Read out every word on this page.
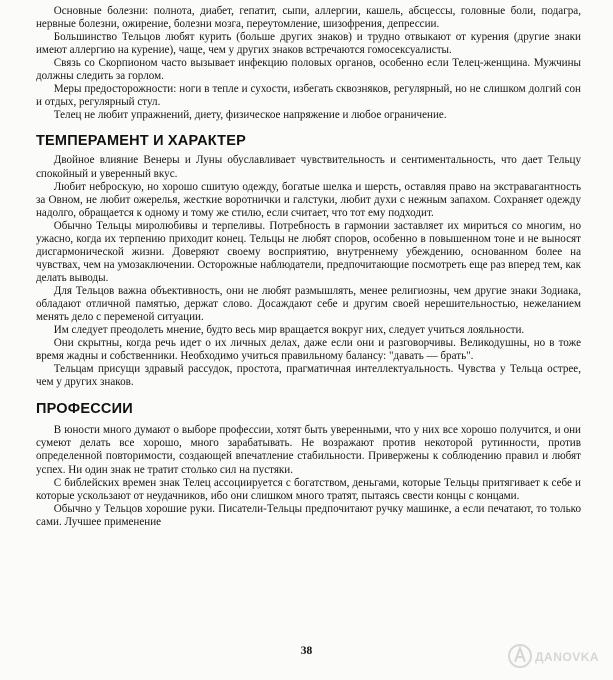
Основные болезни: полнота, диабет, гепатит, сыпи, аллергии, кашель, абсцессы, головные боли, подагра, нервные болезни, ожирение, болезни мозга, переутомление, шизофрения, депрессии.

Большинство Тельцов любят курить (больше других знаков) и трудно отвыкают от курения (другие знаки имеют аллергию на курение), чаще, чем у других знаков встречаются гомосексуалисты.

Связь со Скорпионом часто вызывает инфекцию половых органов, особенно если Телец-женщина. Мужчины должны следить за горлом.

Меры предосторожности: ноги в тепле и сухости, избегать сквозняков, регулярный, но не слишком долгий сон и отдых, регулярный стул.

Телец не любит упражнений, диету, физическое напряжение и любое ограничение.

ТЕМПЕРАМЕНТ И ХАРАКТЕР

Двойное влияние Венеры и Луны обуславливает чувствительность и сентиментальность, что дает Тельцу спокойный и уверенный вкус.

Любит неброскую, но хорошо сшитую одежду, богатые шелка и шерсть, оставляя право на экстравагантность за Овном, не любит ожерелья, жесткие воротнички и галстуки, любит духи с нежным запахом. Сохраняет одежду надолго, обращается к одному и тому же стилю, если считает, что тот ему подходит.

Обычно Тельцы миролюбивы и терпеливы. Потребность в гармонии заставляет их мириться со многим, но ужасно, когда их терпению приходит конец. Тельцы не любят споров, особенно в повышенном тоне и не выносят дисгармонической жизни. Доверяют своему восприятию, внутреннему убеждению, основанном более на чувствах, чем на умозаключении. Осторожные наблюдатели, предпочитающие посмотреть еще раз вперед тем, как делать выводы.

Для Тельцов важна объективность, они не любят размышлять, менее религиозны, чем другие знаки Зодиака, обладают отличной памятью, держат слово. Досаждают себе и другим своей нерешительностью, нежеланием менять дело с переменой ситуации.

Им следует преодолеть мнение, будто весь мир вращается вокруг них, следует учиться лояльности.

Они скрытны, когда речь идет о их личных делах, даже если они и разговорчивы. Великодушны, но в тоже время жадны и собственники. Необходимо учиться правильному балансу: "давать — брать".

Тельцам присущи здравый рассудок, простота, прагматичная интеллектуальность. Чувства у Тельца острее, чем у других знаков.

ПРОФЕССИИ

В юности много думают о выборе профессии, хотят быть уверенными, что у них все хорошо получится, и они сумеют делать все хорошо, много зарабатывать. Не возражают против некоторой рутинности, против определенной повторимости, создающей впечатление стабильности. Привержены к соблюдению правил и любят успех. Ни один знак не тратит столько сил на пустяки.

С библейских времен знак Телец ассоциируется с богатством, деньгами, которые Тельцы притягивает к себе и которые ускользают от неудачников, ибо они слишком много тратят, пытаясь свести концы с концами.

Обычно у Тельцов хорошие руки. Писатели-Тельцы предпочитают ручку машинке, а если печатают, то только сами. Лучшее применение

38	ДАNOVKA
